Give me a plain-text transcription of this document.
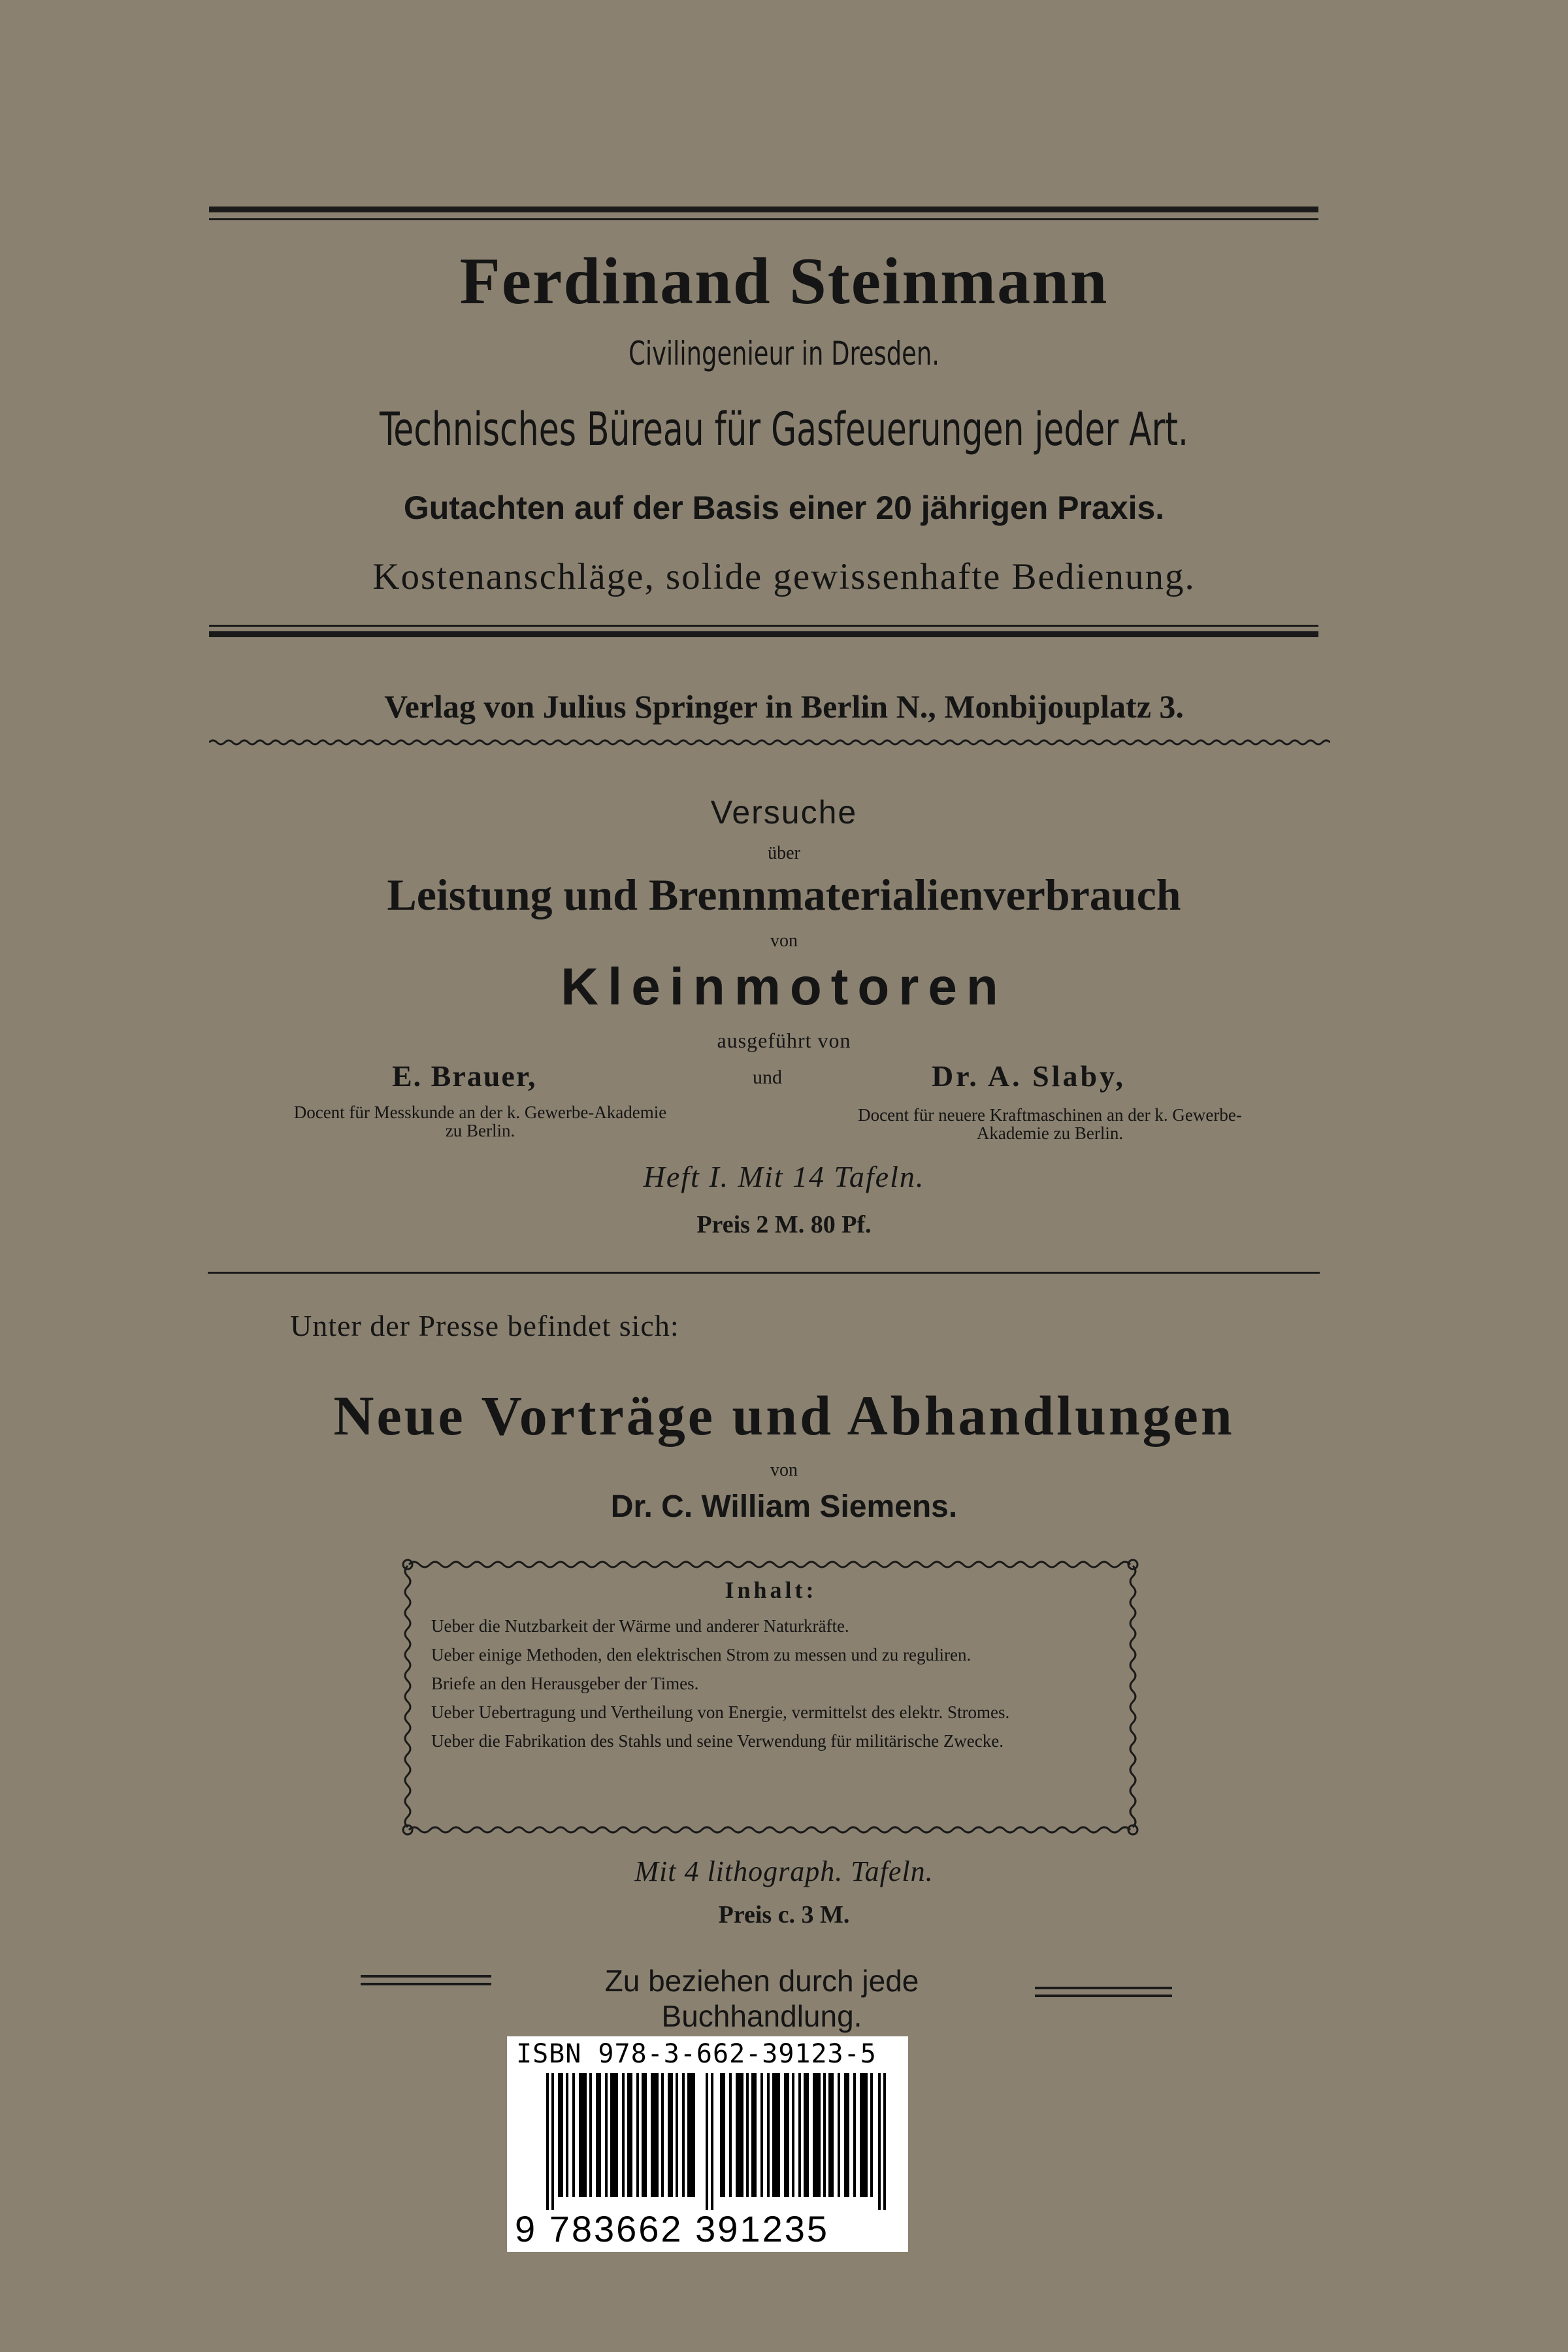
Ferdinand Steinmann
Civilingenieur in Dresden.
Technisches Büreau für Gasfeuerungen jeder Art.
Gutachten auf der Basis einer 20 jährigen Praxis.
Kostenanschläge, solide gewissenhafte Bedienung.
Verlag von Julius Springer in Berlin N., Monbijouplatz 3.
Versuche
über
Leistung und Brennmaterialienverbrauch
von
Kleinmotoren
ausgeführt von
E. Brauer,	und	Dr. A. Slaby,
Docent für Messkunde an der k. Gewerbe-Akademie
zu Berlin.
Docent für neuere Kraftmaschinen an der k. Gewerbe-
Akademie zu Berlin.
Heft I. Mit 14 Tafeln.
Preis 2 M. 80 Pf.
Unter der Presse befindet sich:
Neue Vorträge und Abhandlungen
von
Dr. C. William Siemens.
Inhalt:
Ueber die Nutzbarkeit der Wärme und anderer Naturkräfte.
Ueber einige Methoden, den elektrischen Strom zu messen und zu reguliren.
Briefe an den Herausgeber der Times.
Ueber Uebertragung und Vertheilung von Energie, vermittelst des elektr. Stromes.
Ueber die Fabrikation des Stahls und seine Verwendung für militärische Zwecke.
Mit 4 lithograph. Tafeln.
Preis c. 3 M.
Zu beziehen durch jede Buchhandlung.
ISBN 978-3-662-39123-5
9 783662 391235
